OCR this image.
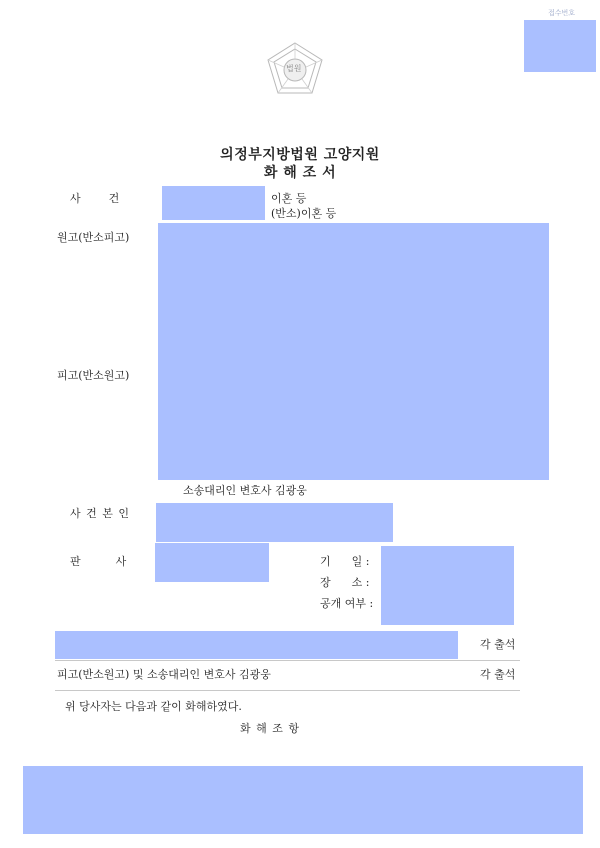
접수번호
법원
의정부지방법원 고양지원
화 해 조 서
사        건	이혼 등
(반소)이혼 등
원고(반소피고)
피고(반소원고)
소송대리인 변호사 김광웅
사 건 본 인
판          사	기      일 :
장      소 :
공개 여부 :
각 출석
피고(반소원고) 및 소송대리인 변호사 김광웅	각 출석
위 당사자는 다음과 같이 화해하였다.
화 해 조 항
